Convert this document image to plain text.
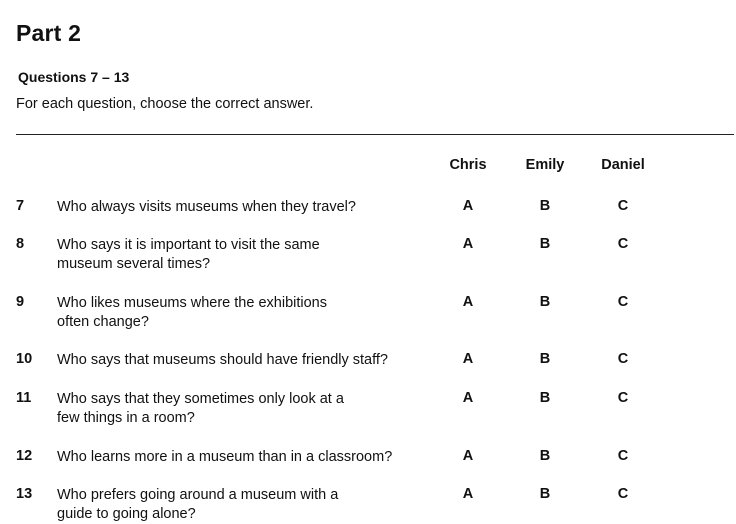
Part 2
Questions 7 – 13
For each question, choose the correct answer.
Chris	Emily	Daniel
7 Who always visits museums when they travel?	A	B	C
8 Who says it is important to visit the same
museum several times?
A	B	C
9 Who likes museums where the exhibitions
often change?
A	B	C
10 Who says that museums should have friendly staff?	A	B	C
11 Who says that they sometimes only look at a
few things in a room?
A	B	C
12 Who learns more in a museum than in a classroom?	A	B	C
13 Who prefers going around a museum with a
guide to going alone?
A	B	C
